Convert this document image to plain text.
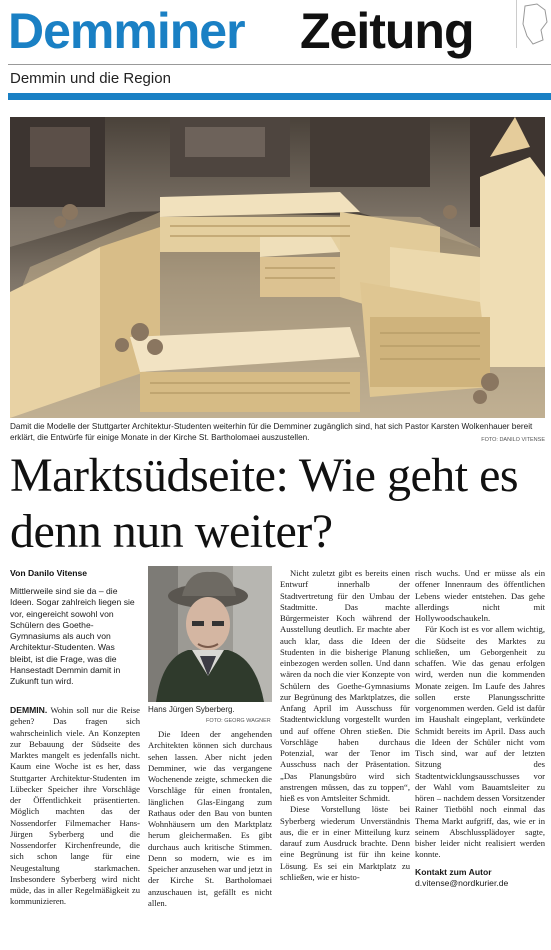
Demminer Zeitung
Demmin und die Region
Damit die Modelle der Stuttgarter Architektur-Studenten weiterhin für die Demminer zugänglich sind, hat sich Pastor Karsten Wolkenhauer bereit erklärt, die Entwürfe für einige Monate in der Kirche St. Bartholomaei auszustellen.	FOTO: DANILO VITENSE
Marktsüdseite: Wie geht es denn nun weiter?
Von Danilo Vitense
Mittlerweile sind sie da – die Ideen. Sogar zahlreich liegen sie vor, eingereicht sowohl von Schülern des Goethe-Gymnasiums als auch von Architektur-Studenten. Was bleibt, ist die Frage, was die Hansestadt Demmin damit in Zukunft tun wird.

DEMMIN. Wohin soll nur die Reise gehen? Das fragen sich wahrscheinlich viele. An Konzepten zur Bebauung der Südseite des Marktes mangelt es jedenfalls nicht. Kaum eine Woche ist es her, dass Stuttgarter Architektur-Studenten im Lübecker Speicher ihre Vorschläge der Öffentlichkeit präsentierten. Möglich machten das der Nossendorfer Filmemacher Hans-Jürgen Syberberg und die Nossendorfer Kirchenfreunde, die sich schon lange für eine Neugestaltung starkmachen. Insbesondere Syberberg wird nicht müde, das in aller Regelmäßigkeit zu kommunizieren.

Hans Jürgen Syberberg.
FOTO: GEORG WAGNER

Die Ideen der angehenden Architekten können sich durchaus sehen lassen. Aber nicht jeden Demminer, wie das vergangene Wochenende zeigte, schmecken die Vorschläge für einen frontalen, länglichen Glas-Eingang zum Rathaus oder den Bau von bunten Wohnhäusern um den Marktplatz herum gleichermaßen. Es gibt durchaus auch kritische Stimmen. Denn so modern, wie es im Speicher anzusehen war und jetzt in der Kirche St. Bartholomaei anzuschauen ist, gefällt es nicht allen.

Nicht zuletzt gibt es bereits einen Entwurf innerhalb der Stadtvertretung für den Umbau der Stadtmitte. Das machte Bürgermeister Koch während der Ausstellung deutlich. Er machte aber auch klar, dass die Ideen der Studenten in die bisherige Planung einbezogen werden sollen. Und dann wären da noch die vier Konzepte von Schülern des Goethe-Gymnasiums zur Begrünung des Marktplatzes, die Anfang April im Ausschuss für Stadtentwicklung vorgestellt wurden und auf offene Ohren stießen. Die Vorschläge haben durchaus Potenzial, war der Tenor im Ausschuss nach der Präsentation. „Das Planungsbüro wird sich anstrengen müssen, das zu toppen“, hieß es von Amtsleiter Schmidt.

Diese Vorstellung löste bei Syberberg wiederum Unverständnis aus, die er in einer Mitteilung kurz darauf zum Ausdruck brachte. Denn eine Begrünung ist für ihn keine Lösung. Es sei ein Marktplatz zu schließen, wie er histo-

risch wuchs. Und er müsse als ein offener Innenraum des öffentlichen Lebens wieder entstehen. Das gehe allerdings nicht mit Hollywoodschaukeln.

Für Koch ist es vor allem wichtig, die Südseite des Marktes zu schließen, um Geborgenheit zu schaffen. Wie das genau erfolgen wird, werden nun die kommenden Monate zeigen. Im Laufe des Jahres sollen erste Planungsschritte vorgenommen werden. Geld ist dafür im Haushalt eingeplant, verkündete Schmidt bereits im April. Dass auch die Ideen der Schüler nicht vom Tisch sind, war auf der letzten Sitzung des Stadtentwicklungsausschusses vor der Wahl vom Bauamtsleiter zu hören – nachdem dessen Vorsitzender Rainer Tietböhl noch einmal das Thema Markt aufgriff, das, wie er in seinem Abschlussplädoyer sagte, bisher leider nicht realisiert werden konnte.

Kontakt zum Autor

d.vitense@nordkurier.de
